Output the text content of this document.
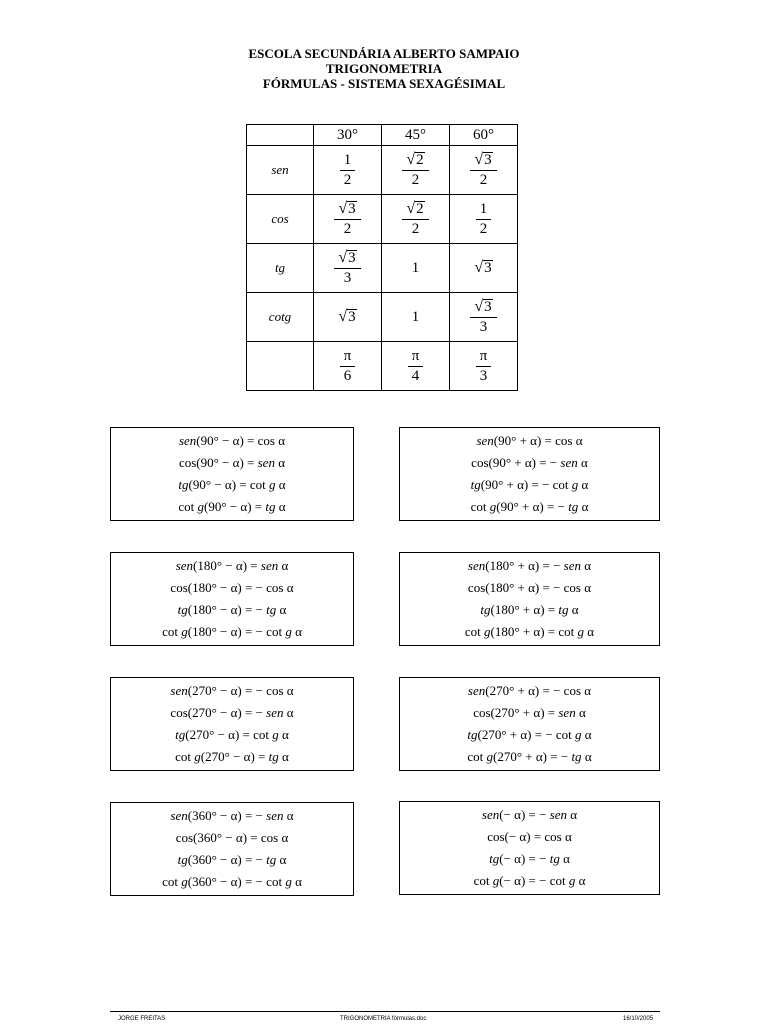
ESCOLA SECUNDÁRIA ALBERTO SAMPAIO
TRIGONOMETRIA
FÓRMULAS - SISTEMA SEXAGÉSIMAL
	30°	45°	60°
sen	$\frac{1}{2}$	$\frac{√ 2}{2}$	$\frac{√ 3}{2}$

cos	$\frac{√ 3}{2}$	$\frac{√ 2}{2}$	$\frac{1}{2}$

tg	$\frac{√ 3}{3}$	1	√ 3

cotg	√ 3	1	$\frac{√ 3}{3}$

	$\frac{\pi}{6}$	$\frac{\pi}{4}$	$\frac{\pi}{3}$
sen(90° − α) = cos α
cos(90° − α) = sen α
tg(90° − α) = cot g α
cot g(90° − α) = tg α
sen(90° + α) = cos α
cos(90° + α) = − sen α
tg(90° + α) = − cot g α
cot g(90° + α) = − tg α
sen(180° − α) = sen α
cos(180° − α) = − cos α
tg(180° − α) = − tg α
cot g(180° − α) = − cot g α
sen(180° + α) = − sen α
cos(180° + α) = − cos α
tg(180° + α) = tg α
cot g(180° + α) = cot g α
sen(270° − α) = − cos α
cos(270° − α) = − sen α
tg(270° − α) = cot g α
cot g(270° − α) = tg α
sen(270° + α) = − cos α
cos(270° + α) = sen α
tg(270° + α) = − cot g α
cot g(270° + α) = − tg α
sen(360° − α) = − sen α
cos(360° − α) = cos α
tg(360° − α) = − tg α
cot g(360° − α) = − cot g α
sen(− α) = − sen α
cos(− α) = cos α
tg(− α) = − tg α
cot g(− α) = − cot g α
JORGE FREITAS	TRIGONOMETRIA fórmulas.doc	16/10/2005
